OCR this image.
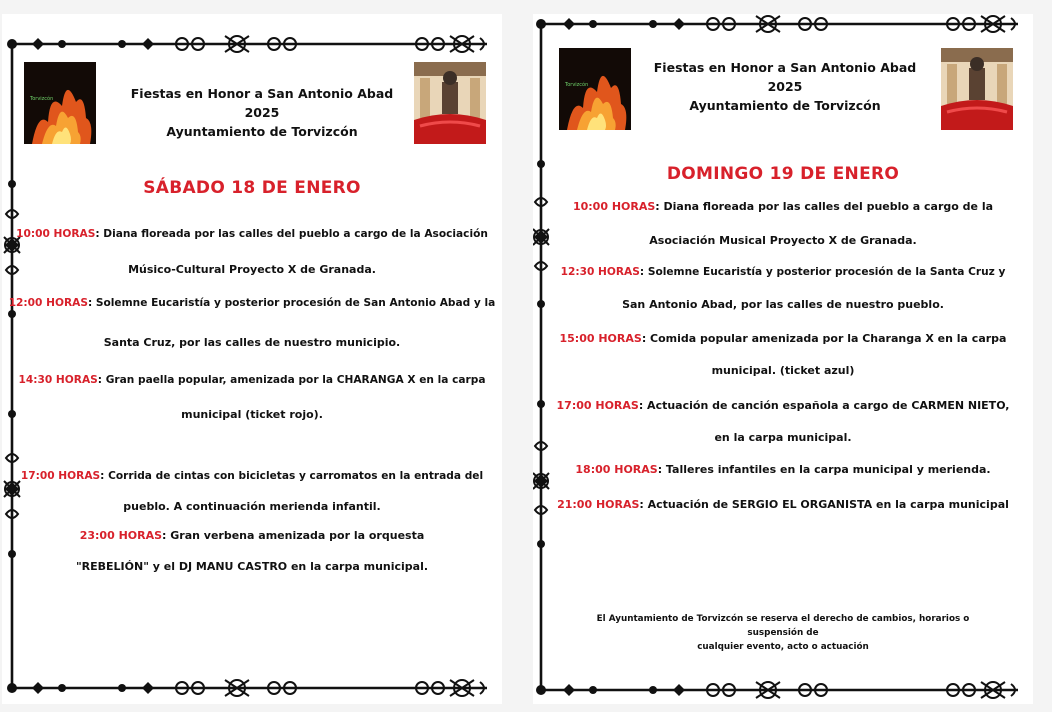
Torvizcón	Fiestas en Honor a San Antonio Abad 2025
Ayuntamiento de Torvizcón
SÁBADO 18 DE ENERO
10:00 HORAS: Diana floreada por las calles del pueblo a cargo de la Asociación
Músico-Cultural Proyecto X de Granada.
12:00 HORAS: Solemne Eucaristía y posterior procesión de San Antonio Abad y la
Santa Cruz, por las calles de nuestro municipio.
14:30 HORAS: Gran paella popular, amenizada por la CHARANGA X en la carpa
municipal (ticket rojo).
17:00 HORAS: Corrida de cintas con bicicletas y carromatos en la entrada del
pueblo. A continuación merienda infantil.
23:00 HORAS: Gran verbena amenizada por la orquesta
"REBELIÓN" y el DJ MANU CASTRO en la carpa municipal.
Torvizcón
Fiestas en Honor a San Antonio Abad 2025
Ayuntamiento de Torvizcón
DOMINGO 19 DE ENERO
10:00 HORAS: Diana floreada por las calles del pueblo a cargo de la
Asociación Musical Proyecto X de Granada.
12:30 HORAS: Solemne Eucaristía y posterior procesión de la Santa Cruz y
San Antonio Abad, por las calles de nuestro pueblo.
15:00 HORAS: Comida popular amenizada por la Charanga X en la carpa
municipal. (ticket azul)
17:00 HORAS: Actuación de canción española a cargo de CARMEN NIETO,
en la carpa municipal.
18:00 HORAS: Talleres infantiles en la carpa municipal y merienda.
21:00 HORAS: Actuación de SERGIO EL ORGANISTA en la carpa municipal
El Ayuntamiento de Torvizcón se reserva el derecho de cambios, horarios o suspensión de
cualquier evento, acto o actuación
